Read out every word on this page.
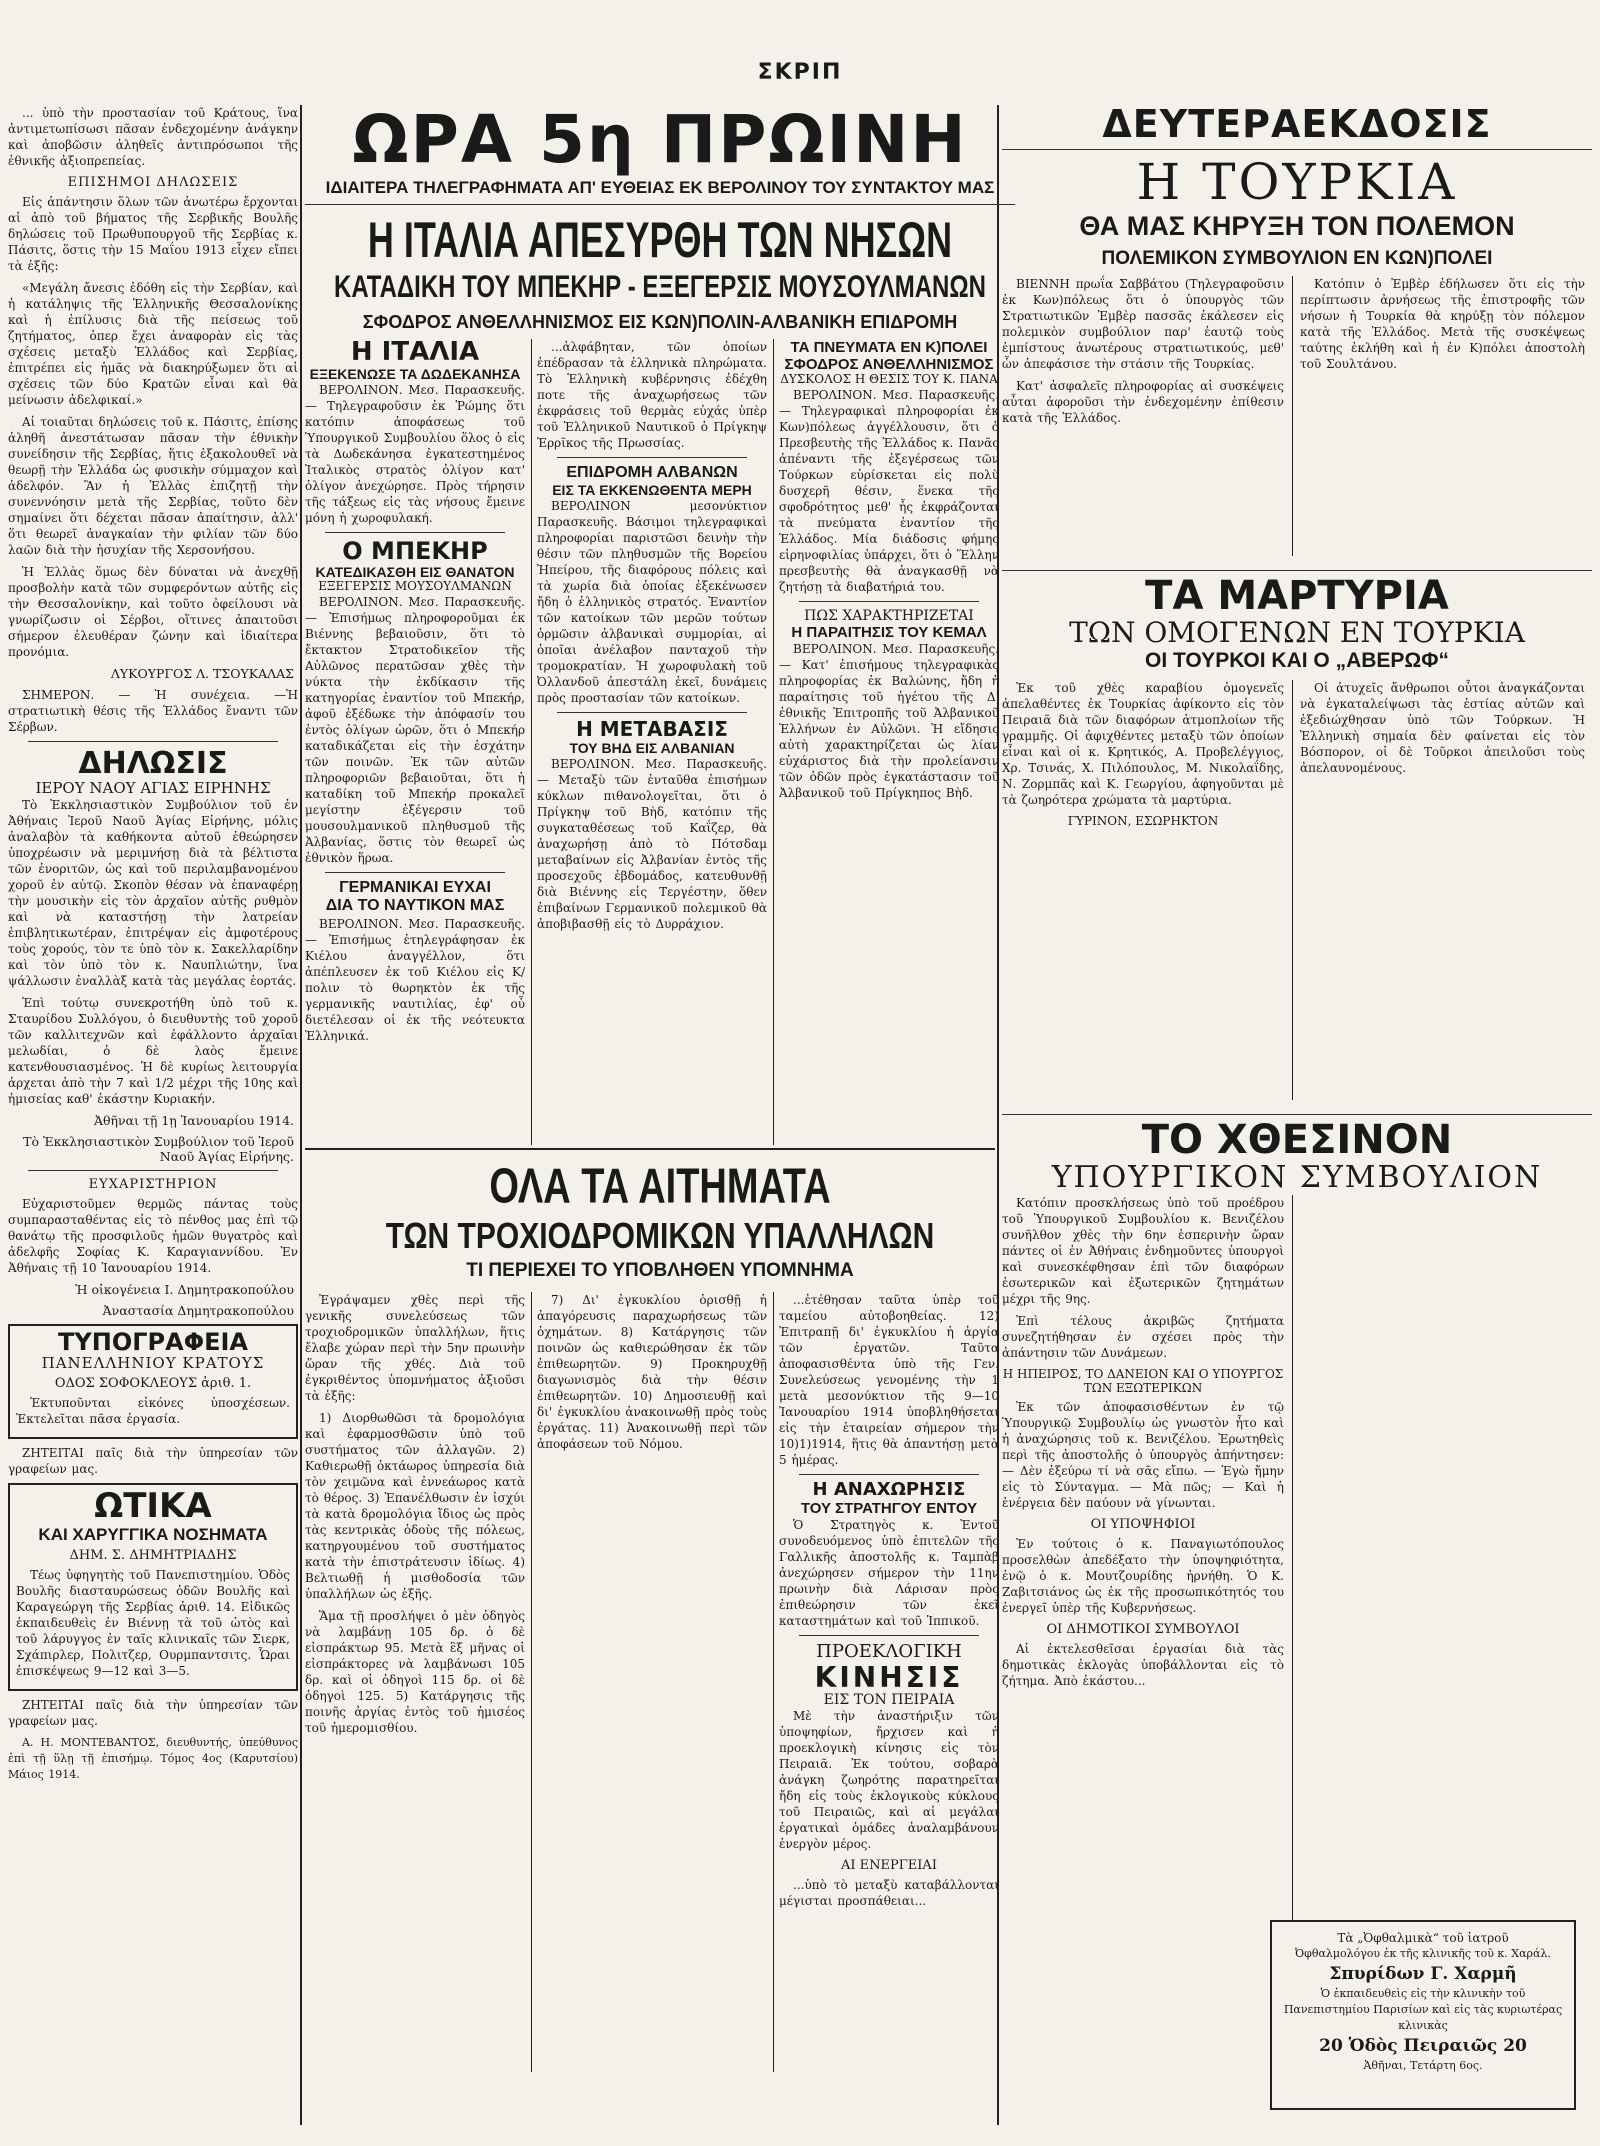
ΣΚΡΙΠ

... ὑπὸ τὴν προστασίαν τοῦ Κράτους, ἵνα ἀντιμετωπίσωσι πᾶσαν ἐνδεχομένην ἀνάγκην καὶ ἀποβῶσιν ἀληθεῖς ἀντιπρόσωποι τῆς ἐθνικῆς ἀξιοπρεπείας.

ΕΠΙΣΗΜΟΙ ΔΗΛΩΣΕΙΣ

Εἰς ἀπάντησιν ὅλων τῶν ἀνωτέρω ἔρχονται αἱ ἀπὸ τοῦ βήματος τῆς Σερβικῆς Βουλῆς δηλώσεις τοῦ Πρωθυπουργοῦ τῆς Σερβίας κ. Πάσιτς, ὅστις τὴν 15 Μαΐου 1913 εἶχεν εἴπει τὰ ἑξῆς:

«Μεγάλη ἄνεσις ἐδόθη εἰς τὴν Σερβίαν, καὶ ἡ κατάληψις τῆς Ἑλληνικῆς Θεσσαλονίκης καὶ ἡ ἐπίλυσις διὰ τῆς πείσεως τοῦ ζητήματος, ὁπερ ἔχει ἀναφορὰν εἰς τὰς σχέσεις μεταξὺ Ἑλλάδος καὶ Σερβίας, ἐπιτρέπει εἰς ἡμᾶς νὰ διακηρύξωμεν ὅτι αἱ σχέσεις τῶν δύο Κρατῶν εἶναι καὶ θὰ μείνωσιν ἀδελφικαί.»

Αἱ τοιαῦται δηλώσεις τοῦ κ. Πάσιτς, ἐπίσης ἀληθῆ ἀνεστάτωσαν πᾶσαν τὴν ἐθνικὴν συνείδησιν τῆς Σερβίας, ἥτις ἐξακολουθεῖ νὰ θεωρῇ τὴν Ἑλλάδα ὡς φυσικὴν σύμμαχον καὶ ἀδελφόν. Ἂν ἡ Ἑλλὰς ἐπιζητῇ τὴν συνεννόησιν μετὰ τῆς Σερβίας, τοῦτο δὲν σημαίνει ὅτι δέχεται πᾶσαν ἀπαίτησιν, ἀλλ' ὅτι θεωρεῖ ἀναγκαίαν τὴν φιλίαν τῶν δύο λαῶν διὰ τὴν ἡσυχίαν τῆς Χερσονήσου.

Ἡ Ἑλλὰς ὅμως δὲν δύναται νὰ ἀνεχθῇ προσβολὴν κατὰ τῶν συμφερόντων αὐτῆς εἰς τὴν Θεσσαλονίκην, καὶ τοῦτο ὀφείλουσι νὰ γνωρίζωσιν οἱ Σέρβοι, οἵτινες ἀπαιτοῦσι σήμερον ἐλευθέραν ζώνην καὶ ἰδιαίτερα προνόμια.

ΛΥΚΟΥΡΓΟΣ Λ. ΤΣΟΥΚΑΛΑΣ

ΣΗΜΕΡΟΝ. — Ἡ συνέχεια. —Ἡ στρατιωτικὴ θέσις τῆς Ἑλλάδος ἔναντι τῶν Σέρβων.

ΔΗΛΩΣΙΣ

ΙΕΡΟΥ ΝΑΟΥ ΑΓΙΑΣ ΕΙΡΗΝΗΣ

Τὸ Ἐκκλησιαστικὸν Συμβούλιον τοῦ ἐν Ἀθήναις Ἱεροῦ Ναοῦ Ἁγίας Εἰρήνης, μόλις ἀναλαβὸν τὰ καθήκοντα αὐτοῦ ἐθεώρησεν ὑποχρέωσιν νὰ μεριμνήσῃ διὰ τὰ βέλτιστα τῶν ἐνοριτῶν, ὡς καὶ τοῦ περιλαμβανομένου χοροῦ ἐν αὐτῷ. Σκοπὸν θέσαν νὰ ἐπαναφέρῃ τὴν μουσικὴν εἰς τὸν ἀρχαῖον αὐτῆς ρυθμὸν καὶ νὰ καταστήσῃ τὴν λατρείαν ἐπιβλητικωτέραν, ἐπιτρέψαν εἰς ἀμφοτέρους τοὺς χορούς, τὸν τε ὑπὸ τὸν κ. Σακελλαρίδην καὶ τὸν ὑπὸ τὸν κ. Ναυπλιώτην, ἵνα ψάλλωσιν ἐναλλὰξ κατὰ τὰς μεγάλας ἑορτάς.

Ἐπὶ τούτῳ συνεκροτήθη ὑπὸ τοῦ κ. Σταυρίδου Συλλόγου, ὁ διευθυντὴς τοῦ χοροῦ τῶν καλλιτεχνῶν καὶ ἐφάλλοντο ἀρχαῖαι μελωδίαι, ὁ δὲ λαὸς ἔμεινε κατενθουσιασμένος. Ἡ δὲ κυρίως λειτουργία ἀρχεται ἀπὸ τὴν 7 καὶ 1/2 μέχρι τῆς 10ης καὶ ἡμισείας καθ' ἑκάστην Κυριακήν.

Ἀθῆναι τῇ 1ῃ Ἰανουαρίου 1914.

Τὸ Ἐκκλησιαστικὸν Συμβούλιον τοῦ Ἱεροῦ Ναοῦ Ἁγίας Εἰρήνης.

ΕΥΧΑΡΙΣΤΗΡΙΟΝ

Εὐχαριστοῦμεν θερμῶς πάντας τοὺς συμπαρασταθέντας εἰς τὸ πένθος μας ἐπὶ τῷ θανάτῳ τῆς προσφιλοῦς ἡμῶν θυγατρὸς καὶ ἀδελφῆς Σοφίας Κ. Καραγιαννίδου. Ἐν Ἀθήναις τῇ 10 Ἰανουαρίου 1914.

Ἡ οἰκογένεια Ι. Δημητρακοπούλου

Ἀναστασία Δημητρακοπούλου

ΤΥΠΟΓΡΑΦΕΙΑ

ΠΑΝΕΛΛΗΝΙΟΥ ΚΡΑΤΟΥΣ

ΟΔΟΣ ΣΟΦΟΚΛΕΟΥΣ ἀριθ. 1.

Ἐκτυποῦνται εἰκόνες ὑποσχέσεων. Ἐκτελεῖται πᾶσα ἐργασία.

ΖΗΤΕΙΤΑΙ παῖς διὰ τὴν ὑπηρεσίαν τῶν γραφείων μας.

ΩΤΙΚΑ

ΚΑΙ ΧΑΡΥΓΓΙΚΑ ΝΟΣΗΜΑΤΑ

ΔΗΜ. Σ. ΔΗΜΗΤΡΙΑΔΗΣ

Τέως ὑφηγητὴς τοῦ Πανεπιστημίου. Ὁδὸς Βουλῆς διασταυρώσεως ὁδῶν Βουλῆς καὶ Καραγεώργη τῆς Σερβίας ἀριθ. 14. Εἰδικῶς ἐκπαιδευθεὶς ἐν Βιέννῃ τὰ τοῦ ὠτὸς καὶ τοῦ λάρυγγος ἐν ταῖς κλινικαῖς τῶν Σιερκ, Σχάπιρλερ, Πολιτζερ, Ουρμπαντσιτς. Ὧραι ἐπισκέψεως 9—12 καὶ 3—5.

ΖΗΤΕΙΤΑΙ παῖς διὰ τὴν ὑπηρεσίαν τῶν γραφείων μας.

Α. Η. ΜΟΝΤΕΒΑΝΤΟΣ, διευθυντής, ὑπεύθυνος ἐπὶ τῇ ὕλῃ τῇ ἐπισήμῳ. Τόμος 4ος (Καρυτσίου) Μάιος 1914.

ΩΡΑ 5η ΠΡΩΙΝΗ

ΙΔΙΑΙΤΕΡΑ ΤΗΛΕΓΡΑΦΗΜΑΤΑ ΑΠ' ΕΥΘΕΙΑΣ ΕΚ ΒΕΡΟΛΙΝΟΥ ΤΟΥ ΣΥΝΤΑΚΤΟΥ ΜΑΣ

Η ΙΤΑΛΙΑ ΑΠΕΣΥΡΘΗ ΤΩΝ ΝΗΣΩΝ

ΚΑΤΑΔΙΚΗ ΤΟΥ ΜΠΕΚΗΡ - ΕΞΕΓΕΡΣΙΣ ΜΟΥΣΟΥΛΜΑΝΩΝ

ΣΦΟΔΡΟΣ ΑΝΘΕΛΛΗΝΙΣΜΟΣ ΕΙΣ ΚΩΝ)ΠΟΛΙΝ-ΑΛΒΑΝΙΚΗ ΕΠΙΔΡΟΜΗ

Η ΙΤΑΛΙΑ

ΕΞΕΚΕΝΩΣΕ ΤΑ ΔΩΔΕΚΑΝΗΣΑ

ΒΕΡΟΛΙΝΟΝ. Μεσ. Παρασκευῆς. — Τηλεγραφοῦσιν ἐκ Ῥώμης ὅτι κατόπιν ἀποφάσεως τοῦ Ὑπουργικοῦ Συμβουλίου ὅλος ὁ εἰς τὰ Δωδεκάνησα ἐγκατεστημένος Ἰταλικὸς στρατὸς ὀλίγον κατ' ὀλίγον ἀνεχώρησε. Πρὸς τήρησιν τῆς τάξεως εἰς τὰς νήσους ἔμεινε μόνη ἡ χωροφυλακή.

Ο ΜΠΕΚΗΡ

ΚΑΤΕΔΙΚΑΣΘΗ ΕΙΣ ΘΑΝΑΤΟΝ

ΕΞΕΓΕΡΣΙΣ ΜΟΥΣΟΥΛΜΑΝΩΝ

ΒΕΡΟΛΙΝΟΝ. Μεσ. Παρασκευῆς. — Ἐπισήμως πληροφοροῦμαι ἐκ Βιέννης βεβαιοῦσιν, ὅτι τὸ ἔκτακτον Στρατοδικεῖον τῆς Αὐλῶνος περατῶσαν χθὲς τὴν νύκτα τὴν ἐκδίκασιν τῆς κατηγορίας ἐναντίον τοῦ Μπεκήρ, ἀφοῦ ἐξέδωκε τὴν ἀπόφασίν του ἐντὸς ὀλίγων ὡρῶν, ὅτι ὁ Μπεκήρ καταδικάζεται εἰς τὴν ἐσχάτην τῶν ποινῶν. Ἐκ τῶν αὐτῶν πληροφοριῶν βεβαιοῦται, ὅτι ἡ καταδίκη τοῦ Μπεκήρ προκαλεῖ μεγίστην ἐξέγερσιν τοῦ μουσουλμανικοῦ πληθυσμοῦ τῆς Ἀλβανίας, ὅστις τὸν θεωρεῖ ὡς ἐθνικὸν ἥρωα.

ΓΕΡΜΑΝΙΚΑΙ ΕΥΧΑΙ

ΔΙΑ ΤΟ ΝΑΥΤΙΚΟΝ ΜΑΣ

ΒΕΡΟΛΙΝΟΝ. Μεσ. Παρασκευῆς. — Ἐπισήμως ἐτηλεγράφησαν ἐκ Κιέλου ἀναγγέλλον, ὅτι ἀπέπλευσεν ἐκ τοῦ Κιέλου εἰς Κ/πολιν τὸ θωρηκτὸν ἐκ τῆς γερμανικῆς ναυτιλίας, ἐφ' οὗ διετέλεσαν οἱ ἐκ τῆς νεότευκτα Ἑλληνικά.

...ἀλφάβηταν, τῶν ὁποίων ἐπέδρασαν τὰ ἑλληνικὰ πληρώματα. Τὸ Ἑλληνικὴ κυβέρνησις ἐδέχθη ποτε τῆς ἀναχωρήσεως τῶν ἐκφράσεις τοῦ θερμὰς εὐχάς ὑπὲρ τοῦ Ἑλληνικοῦ Ναυτικοῦ ὁ Πρίγκηψ Ἑρρῖκος τῆς Πρωσσίας.

ΕΠΙΔΡΟΜΗ ΑΛΒΑΝΩΝ

ΕΙΣ ΤΑ ΕΚΚΕΝΩΘΕΝΤΑ ΜΕΡΗ

ΒΕΡΟΛΙΝΟΝ μεσονύκτιον Παρασκευῆς. Βάσιμοι τηλεγραφικαὶ πληροφορίαι παριστῶσι δεινὴν τὴν θέσιν τῶν πληθυσμῶν τῆς Βορείου Ἠπείρου, τῆς διαφόρους πόλεις καὶ τὰ χωρία διὰ ὁποίας ἐξεκένωσεν ἤδη ὁ ἑλληνικὸς στρατός. Ἐναντίον τῶν κατοίκων τῶν μερῶν τούτων ὁρμῶσιν ἀλβανικαὶ συμμορίαι, αἱ ὁποῖαι ἀνέλαβον πανταχοῦ τὴν τρομοκρατίαν. Ἡ χωροφυλακὴ τοῦ Ὀλλανδοῦ ἀπεστάλη ἐκεῖ, δυνάμεις πρὸς προστασίαν τῶν κατοίκων.

Η ΜΕΤΑΒΑΣΙΣ

ΤΟΥ ΒΗΔ ΕΙΣ ΑΛΒΑΝΙΑΝ

ΒΕΡΟΛΙΝΟΝ. Μεσ. Παρασκευῆς. — Μεταξὺ τῶν ἐνταῦθα ἐπισήμων κύκλων πιθανολογεῖται, ὅτι ὁ Πρίγκηψ τοῦ Βὴδ, κατόπιν τῆς συγκαταθέσεως τοῦ Καΐζερ, θὰ ἀναχωρήσῃ ἀπὸ τὸ Πότσδαμ μεταβαίνων εἰς Ἀλβανίαν ἐντὸς τῆς προσεχοῦς ἑβδομάδος, κατευθυνθῇ διὰ Βιέννης εἰς Τεργέστην, ὅθεν ἐπιβαίνων Γερμανικοῦ πολεμικοῦ θὰ ἀποβιβασθῇ εἰς τὸ Δυρράχιον.

ΤΑ ΠΝΕΥΜΑΤΑ ΕΝ Κ)ΠΟΛΕΙ

ΣΦΟΔΡΟΣ ΑΝΘΕΛΛΗΝΙΣΜΟΣ

ΔΥΣΚΟΛΟΣ Η ΘΕΣΙΣ ΤΟΥ Κ. ΠΑΝΑ

ΒΕΡΟΛΙΝΟΝ. Μεσ. Παρασκευῆς. — Τηλεγραφικαὶ πληροφορίαι ἐκ Κων)πόλεως ἀγγέλλουσιν, ὅτι ὁ Πρεσβευτὴς τῆς Ἑλλάδος κ. Πανᾶς ἀπέναντι τῆς ἐξεγέρσεως τῶν Τούρκων εὑρίσκεται εἰς πολὺ δυσχερῆ θέσιν, ἕνεκα τῆς σφοδρότητος μεθ' ἧς ἐκφράζονται τὰ πνεύματα ἐναντίον τῆς Ἑλλάδος. Μία διάδοσις φήμης εἰρηνοφιλίας ὑπάρχει, ὅτι ὁ Ἕλλην πρεσβευτὴς θὰ ἀναγκασθῇ νὰ ζητήσῃ τὰ διαβατήριά του.

ΠΩΣ ΧΑΡΑΚΤΗΡΙΖΕΤΑΙ

Η ΠΑΡΑΙΤΗΣΙΣ ΤΟΥ ΚΕΜΑΛ

ΒΕΡΟΛΙΝΟΝ. Μεσ. Παρασκευῆς. — Κατ' ἐπισήμους τηλεγραφικὰς πληροφορίας ἐκ Βαλώνης, ἤδη ἡ παραίτησις τοῦ ἡγέτου τῆς Δ' ἐθνικῆς Ἐπιτροπῆς τοῦ Ἀλβανικοῦ Ἑλλήνων ἐν Αὐλῶνι. Ἡ εἴδησις αὐτὴ χαρακτηρίζεται ὡς λίαν εὐχάριστος διὰ τὴν προλείανσιν τῶν ὁδῶν πρὸς ἐγκατάστασιν τοῦ Ἀλβανικοῦ τοῦ Πρίγκηπος Βὴδ.

ΟΛΑ ΤΑ ΑΙΤΗΜΑΤΑ

ΤΩΝ ΤΡΟΧΙΟΔΡΟΜΙΚΩΝ ΥΠΑΛΛΗΛΩΝ

ΤΙ ΠΕΡΙΕΧΕΙ ΤΟ ΥΠΟΒΛΗΘΕΝ ΥΠΟΜΝΗΜΑ

Ἐγράψαμεν χθὲς περὶ τῆς γενικῆς συνελεύσεως τῶν τροχιοδρομικῶν ὑπαλλήλων, ἥτις ἔλαβε χώραν περὶ τὴν 5ην πρωινὴν ὥραν τῆς χθές. Διὰ τοῦ ἐγκριθέντος ὑπομνήματος ἀξιοῦσι τὰ ἑξῆς:

1) Διορθωθῶσι τὰ δρομολόγια καὶ ἐφαρμοσθῶσιν ὑπὸ τοῦ συστήματος τῶν ἀλλαγῶν. 2) Καθιερωθῇ ὀκτάωρος ὑπηρεσία διὰ τὸν χειμῶνα καὶ ἐννεάωρος κατὰ τὸ θέρος. 3) Ἐπανέλθωσιν ἐν ἰσχύι τὰ κατὰ δρομολόγια ἴδιος ὡς πρὸς τὰς κεντρικὰς ὁδοὺς τῆς πόλεως, κατηργουμένου τοῦ συστήματος κατὰ τὴν ἐπιστράτευσιν ἰδίως. 4) Βελτιωθῇ ἡ μισθοδοσία τῶν ὑπαλλήλων ὡς ἑξῆς.

Ἅμα τῇ προσλήψει ὁ μὲν ὁδηγὸς νὰ λαμβάνῃ 105 δρ. ὁ δὲ εἰσπράκτωρ 95. Μετὰ ἓξ μῆνας οἱ εἰσπράκτορες νὰ λαμβάνωσι 105 δρ. καὶ οἱ ὁδηγοὶ 115 δρ. οἱ δὲ ὁδηγοὶ 125. 5) Κατάργησις τῆς ποινῆς ἀργίας ἐντὸς τοῦ ἡμισέος τοῦ ἡμερομισθίου.

7) Δι' ἐγκυκλίου ὁρισθῇ ἡ ἀπαγόρευσις παραχωρήσεως τῶν ὀχημάτων. 8) Κατάργησις τῶν ποινῶν ὡς καθιερώθησαν ἐκ τῶν ἐπιθεωρητῶν. 9) Προκηρυχθῇ διαγωνισμὸς διὰ τὴν θέσιν ἐπιθεωρητῶν. 10) Δημοσιευθῇ καὶ δι' ἐγκυκλίου ἀνακοινωθῇ πρὸς τοὺς ἐργάτας. 11) Ἀνακοινωθῇ περὶ τῶν ἀποφάσεων τοῦ Νόμου.

...ἐτέθησαν ταῦτα ὑπὲρ τοῦ ταμείου αὐτοβοηθείας. 12) Ἐπιτραπῇ δι' ἐγκυκλίου ἡ ἀργία τῶν ἐργατῶν. Ταῦτα ἀποφασισθέντα ὑπὸ τῆς Γεν. Συνελεύσεως γενομένης τὴν 1 μετὰ μεσονύκτιον τῆς 9—10 Ἰανουαρίου 1914 ὑποβληθήσεται εἰς τὴν ἑταιρείαν σήμερον τὴν 10)1)1914, ἥτις θὰ ἀπαντήσῃ μετὰ 5 ἡμέρας.

Η ΑΝΑΧΩΡΗΣΙΣ

ΤΟΥ ΣΤΡΑΤΗΓΟΥ ΕΝΤΟΥ

Ὁ Στρατηγὸς κ. Ἐντοῦ συνοδευόμενος ὑπὸ ἐπιτελῶν τῆς Γαλλικῆς ἀποστολῆς κ. Ταμπὰβ ἀνεχώρησεν σήμερον τὴν 11ην πρωινὴν διὰ Λάρισαν πρὸς ἐπιθεώρησιν τῶν ἐκεῖ καταστημάτων καὶ τοῦ Ἱππικοῦ.

ΠΡΟΕΚΛΟΓΙΚΗ

ΚΙΝΗΣΙΣ

ΕΙΣ ΤΟΝ ΠΕΙΡΑΙΑ

Μὲ τὴν ἀναστήριξιν τῶν ὑποψηφίων, ἤρχισεν καὶ ἡ προεκλογικὴ κίνησις εἰς τὸν Πειραιᾶ. Ἐκ τούτου, σοβαρὰ ἀνάγκη ζωηρότης παρατηρεῖται ἤδη εἰς τοὺς ἐκλογικοὺς κύκλους τοῦ Πειραιῶς, καὶ αἱ μεγάλαι ἐργατικαὶ ὁμάδες ἀναλαμβάνουν ἐνεργὸν μέρος.

ΑΙ ΕΝΕΡΓΕΙΑΙ

...ὑπὸ τὸ μεταξὺ καταβάλλονται μέγισται προσπάθειαι...

ΔΕΥΤΕΡΑΕΚΔΟΣΙΣ

Η ΤΟΥΡΚΙΑ

ΘΑ ΜΑΣ ΚΗΡΥΞΗ ΤΟΝ ΠΟΛΕΜΟΝ

ΠΟΛΕΜΙΚΟΝ ΣΥΜΒΟΥΛΙΟΝ ΕΝ ΚΩΝ)ΠΟΛΕΙ

ΒΙΕΝΝΗ πρωΐα Σαββάτου (Τηλεγραφοῦσιν ἐκ Κων)πόλεως ὅτι ὁ ὑπουργὸς τῶν Στρατιωτικῶν Ἐμβὲρ πασσᾶς ἐκάλεσεν εἰς πολεμικὸν συμβούλιον παρ' ἑαυτῷ τοὺς ἐμπίστους ἀνωτέρους στρατιωτικούς, μεθ' ὧν ἀπεφάσισε τὴν στάσιν τῆς Τουρκίας.

Κατ' ἀσφαλεῖς πληροφορίας αἱ συσκέψεις αὗται ἀφοροῦσι τὴν ἐνδεχομένην ἐπίθεσιν κατὰ τῆς Ἑλλάδος.

Κατόπιν ὁ Ἐμβὲρ ἐδήλωσεν ὅτι εἰς τὴν περίπτωσιν ἀρνήσεως τῆς ἐπιστροφῆς τῶν νήσων ἡ Τουρκία θὰ κηρύξῃ τὸν πόλεμον κατὰ τῆς Ἑλλάδος. Μετὰ τῆς συσκέψεως ταύτης ἐκλήθη καὶ ἡ ἐν Κ)πόλει ἀποστολὴ τοῦ Σουλτάνου.

ΤΑ ΜΑΡΤΥΡΙΑ

ΤΩΝ ΟΜΟΓΕΝΩΝ ΕΝ ΤΟΥΡΚΙΑ

ΟΙ ΤΟΥΡΚΟΙ ΚΑΙ Ο „ΑΒΕΡΩΦ“

Ἐκ τοῦ χθὲς καραβίου ὁμογενεῖς ἀπελαθέντες ἐκ Τουρκίας ἀφίκοντο εἰς τὸν Πειραιᾶ διὰ τῶν διαφόρων ἀτμοπλοίων τῆς γραμμῆς. Οἱ ἀφιχθέντες μεταξὺ τῶν ὁποίων εἶναι καὶ οἱ κ. Κρητικός, Α. Προβελέγγιος, Χρ. Τσινάς, Χ. Πιλόπουλος, Μ. Νικολαΐδης, Ν. Ζορμπᾶς καὶ Κ. Γεωργίου, ἀφηγοῦνται μὲ τὰ ζωηρότερα χρώματα τὰ μαρτύρια.

ΓΥΡΙΝΟΝ, ΕΣΩΡΗΚΤΟΝ

Οἱ ἀτυχεῖς ἄνθρωποι οὗτοι ἀναγκάζονται νὰ ἐγκαταλείψωσι τὰς ἑστίας αὐτῶν καὶ ἐξεδιώχθησαν ὑπὸ τῶν Τούρκων. Ἡ Ἑλληνικὴ σημαία δὲν φαίνεται εἰς τὸν Βόσπορον, οἱ δὲ Τοῦρκοι ἀπειλοῦσι τοὺς ἀπελαυνομένους.

ΤΟ ΧΘΕΣΙΝΟΝ

ΥΠΟΥΡΓΙΚΟΝ ΣΥΜΒΟΥΛΙΟΝ

Κατόπιν προσκλήσεως ὑπὸ τοῦ προέδρου τοῦ Ὑπουργικοῦ Συμβουλίου κ. Βενιζέλου συνῆλθον χθὲς τὴν 6ην ἑσπερινὴν ὥραν πάντες οἱ ἐν Ἀθήναις ἐνδημοῦντες ὑπουργοὶ καὶ συνεσκέφθησαν ἐπὶ τῶν διαφόρων ἐσωτερικῶν καὶ ἐξωτερικῶν ζητημάτων μέχρι τῆς 9ης.

Ἐπὶ τέλους ἀκριβῶς ζητήματα συνεζητήθησαν ἐν σχέσει πρὸς τὴν ἀπάντησιν τῶν Δυνάμεων.

Η ΗΠΕΙΡΟΣ, ΤΟ ΔΑΝΕΙΟΝ ΚΑΙ Ο ΥΠΟΥΡΓΟΣ ΤΩΝ ΕΞΩΤΕΡΙΚΩΝ

Ἐκ τῶν ἀποφασισθέντων ἐν τῷ Ὑπουργικῷ Συμβουλίῳ ὡς γνωστὸν ἦτο καὶ ἡ ἀναχώρησις τοῦ κ. Βενιζέλου. Ἐρωτηθεὶς περὶ τῆς ἀποστολῆς ὁ ὑπουργὸς ἀπήντησεν: — Δὲν ἐξεύρω τί νὰ σᾶς εἴπω. — Ἐγὼ ἤμην εἰς τὸ Σύνταγμα. — Μὰ πῶς; — Καὶ ἡ ἐνέργεια δὲν παύουν νὰ γίνωνται.

ΟΙ ΥΠΟΨΗΦΙΟΙ

Ἐν τούτοις ὁ κ. Παναγιωτόπουλος προσελθὼν ἀπεδέξατο τὴν ὑποψηφιότητα, ἐνῷ ὁ κ. Μουτζουρίδης ἠρνήθη. Ὁ Κ. Ζαβιτσιάνος ὡς ἐκ τῆς προσωπικότητός του ἐνεργεῖ ὑπὲρ τῆς Κυβερνήσεως.

ΟΙ ΔΗΜΟΤΙΚΟΙ ΣΥΜΒΟΥΛΟΙ

Αἱ ἐκτελεσθεῖσαι ἐργασίαι διὰ τὰς δημοτικὰς ἐκλογὰς ὑποβάλλονται εἰς τὸ ζήτημα. Ἀπὸ ἑκάστου...

Τὰ „Ὀφθαλμικὰ“ τοῦ ἰατροῦ
Ὀφθαλμολόγου ἐκ τῆς κλινικῆς τοῦ κ. Χαράλ.
Σπυρίδων Γ. Χαρμῆ
Ὁ ἐκπαιδευθεὶς εἰς τὴν κλινικὴν τοῦ Πανεπιστημίου Παρισίων καὶ εἰς τὰς κυριωτέρας κλινικὰς
20 Ὁδὸς Πειραιῶς 20
Ἀθῆναι, Τετάρτη 6ος.
